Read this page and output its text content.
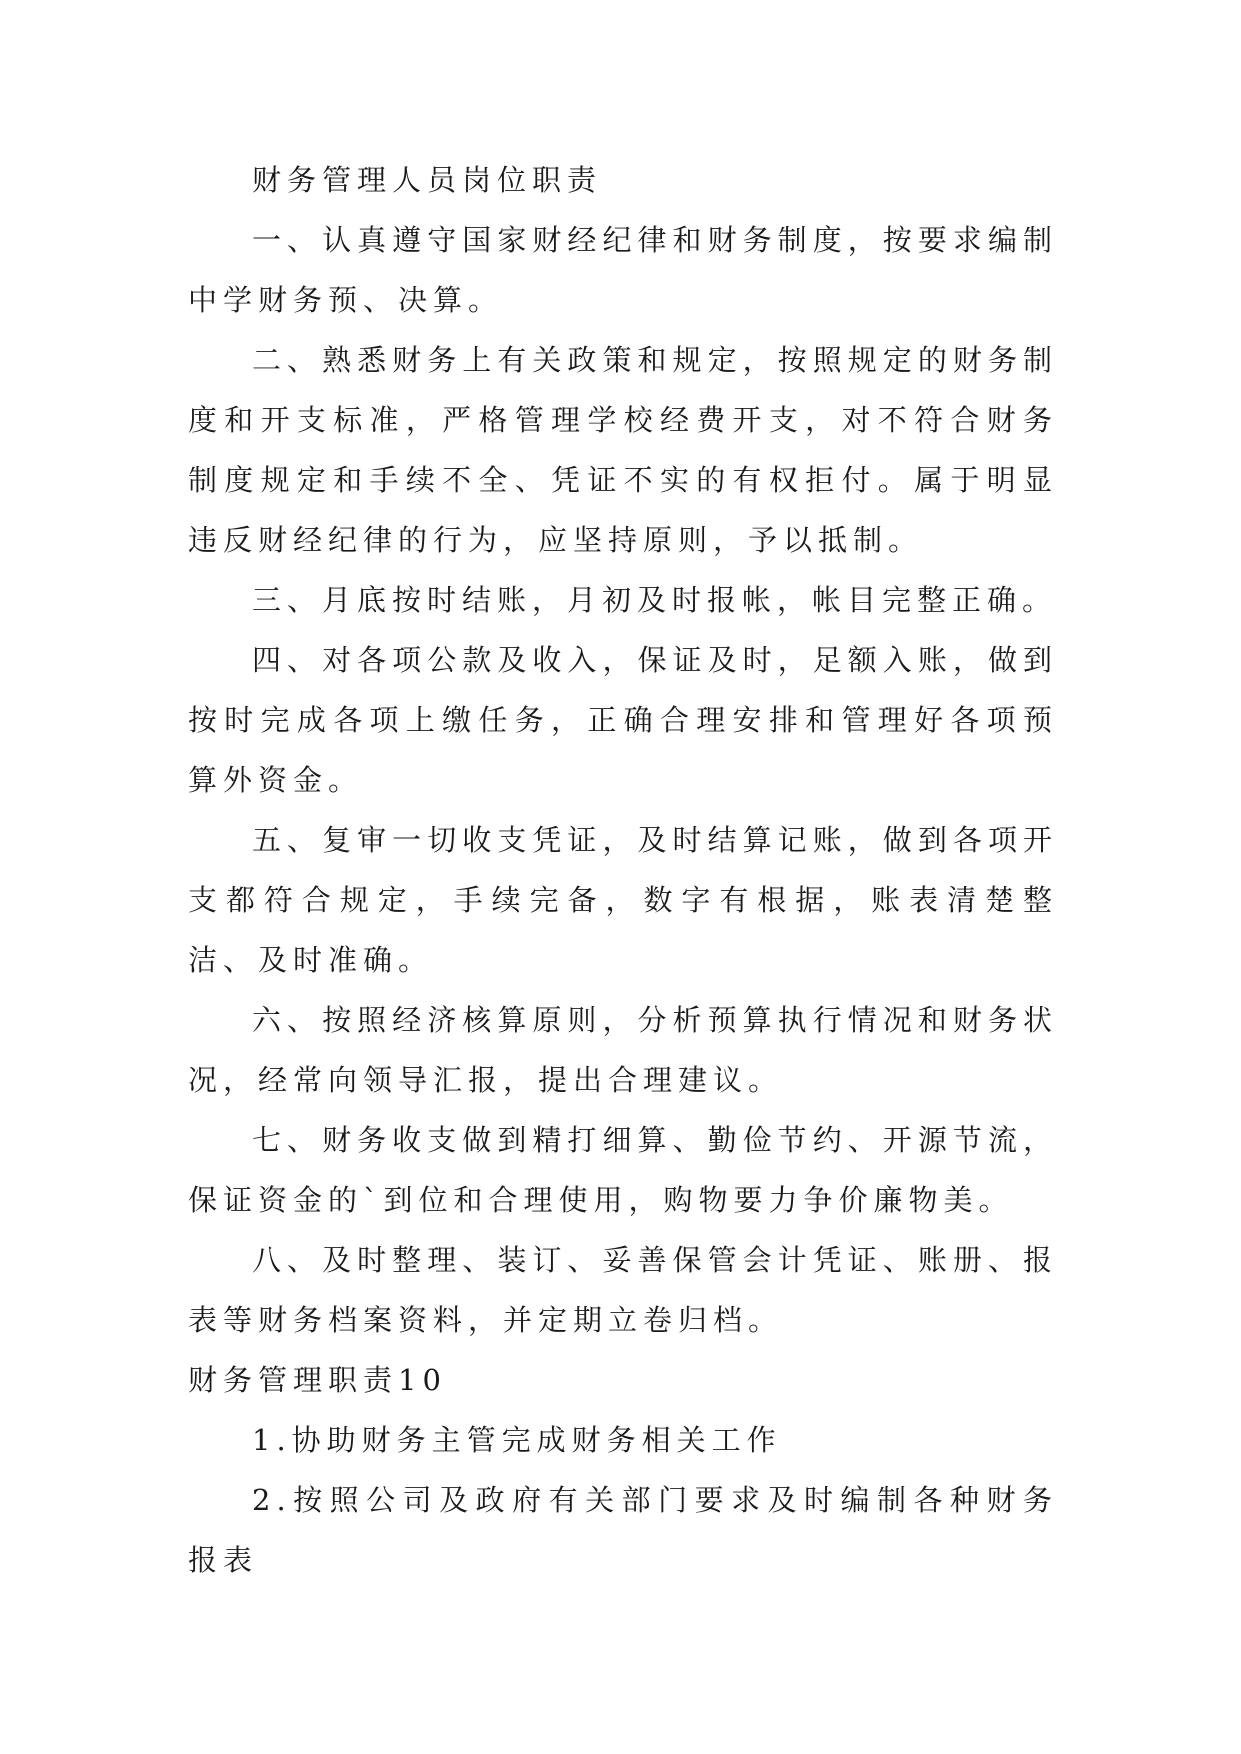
财务管理人员岗位职责

一、认真遵守国家财经纪律和财务制度，按要求编制中学财务预、决算。

二、熟悉财务上有关政策和规定，按照规定的财务制度和开支标准，严格管理学校经费开支，对不符合财务制度规定和手续不全、凭证不实的有权拒付。属于明显违反财经纪律的行为，应坚持原则，予以抵制。

三、月底按时结账，月初及时报帐，帐目完整正确。

四、对各项公款及收入，保证及时，足额入账，做到按时完成各项上缴任务，正确合理安排和管理好各项预算外资金。

五、复审一切收支凭证，及时结算记账，做到各项开支都符合规定，手续完备，数字有根据，账表清楚整洁、及时准确。

六、按照经济核算原则，分析预算执行情况和财务状况，经常向领导汇报，提出合理建议。

七、财务收支做到精打细算、勤俭节约、开源节流，保证资金的`到位和合理使用，购物要力争价廉物美。

八、及时整理、装订、妥善保管会计凭证、账册、报表等财务档案资料，并定期立卷归档。

财务管理职责10

1.协助财务主管完成财务相关工作

2.按照公司及政府有关部门要求及时编制各种财务报表
